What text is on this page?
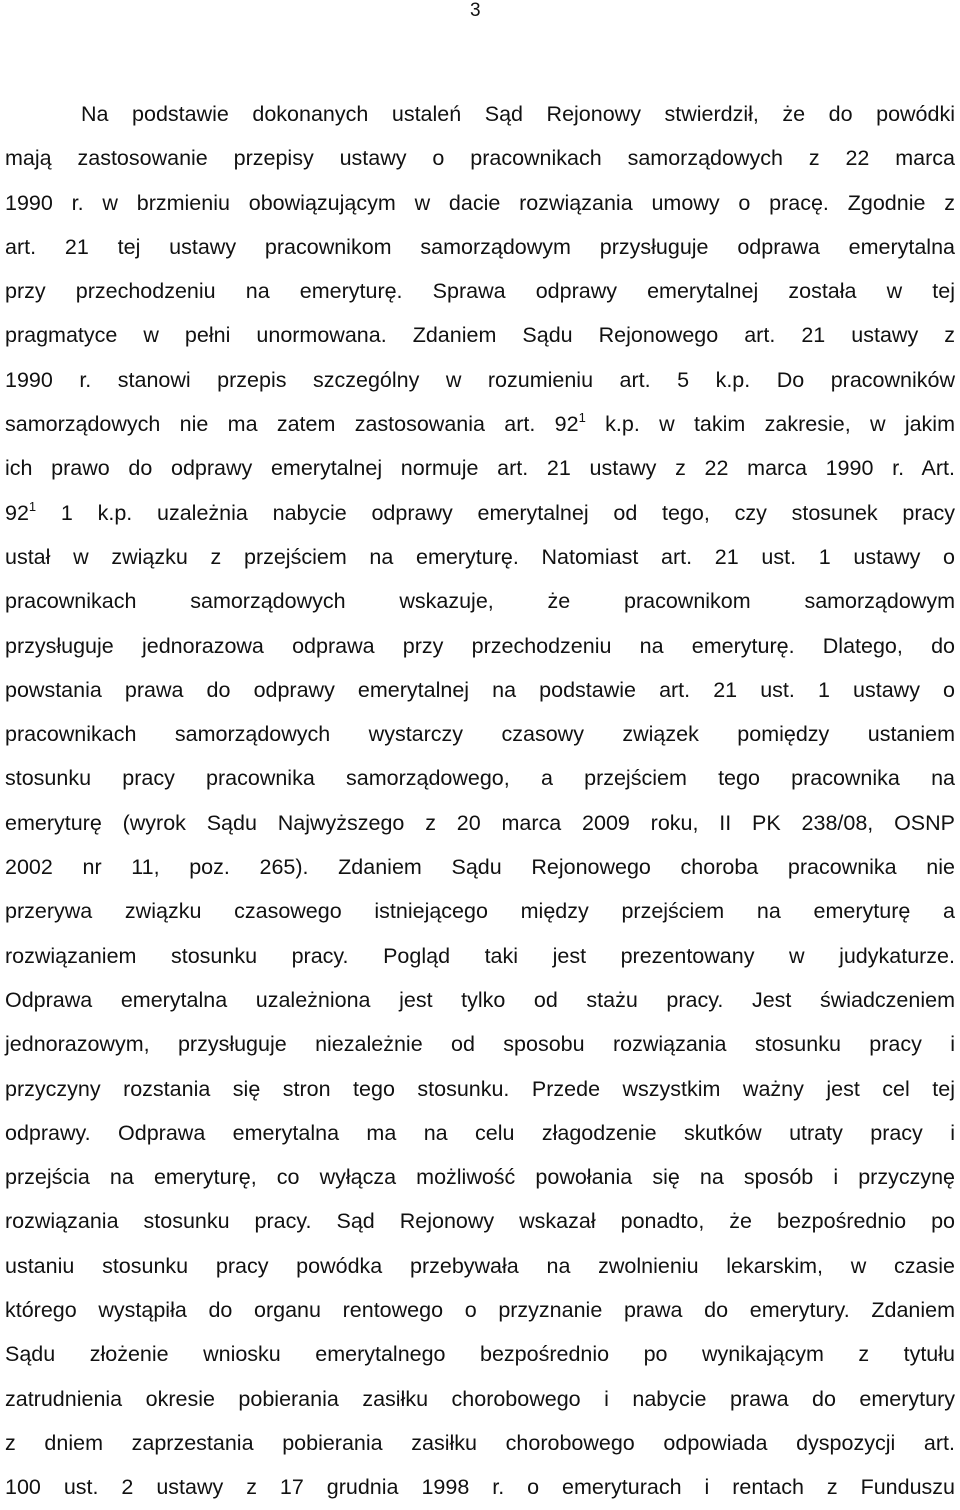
3
Na podstawie dokonanych ustaleń Sąd Rejonowy stwierdził, że do powódki
mają zastosowanie przepisy ustawy o pracownikach samorządowych z 22 marca
1990 r. w brzmieniu obowiązującym w dacie rozwiązania umowy o pracę. Zgodnie z
art. 21 tej ustawy pracownikom samorządowym przysługuje odprawa emerytalna
przy przechodzeniu na emeryturę. Sprawa odprawy emerytalnej została w tej
pragmatyce w pełni unormowana. Zdaniem Sądu Rejonowego art. 21 ustawy z
1990 r. stanowi przepis szczególny w rozumieniu art. 5 k.p. Do pracowników
samorządowych nie ma zatem zastosowania art. $92^1$ k.p. w takim zakresie, w jakim
ich prawo do odprawy emerytalnej normuje art. 21 ustawy z 22 marca 1990 r. Art.
$92^1$ 1 k.p. uzależnia nabycie odprawy emerytalnej od tego, czy stosunek pracy
ustał w związku z przejściem na emeryturę. Natomiast art. 21 ust. 1 ustawy o
pracownikach samorządowych wskazuje, że pracownikom samorządowym
przysługuje jednorazowa odprawa przy przechodzeniu na emeryturę. Dlatego, do
powstania prawa do odprawy emerytalnej na podstawie art. 21 ust. 1 ustawy o
pracownikach samorządowych wystarczy czasowy związek pomiędzy ustaniem
stosunku pracy pracownika samorządowego, a przejściem tego pracownika na
emeryturę (wyrok Sądu Najwyższego z 20 marca 2009 roku, II PK 238/08, OSNP
2002 nr 11, poz. 265). Zdaniem Sądu Rejonowego choroba pracownika nie
przerywa związku czasowego istniejącego między przejściem na emeryturę a
rozwiązaniem stosunku pracy. Pogląd taki jest prezentowany w judykaturze.
Odprawa emerytalna uzależniona jest tylko od stażu pracy. Jest świadczeniem
jednorazowym, przysługuje niezależnie od sposobu rozwiązania stosunku pracy i
przyczyny rozstania się stron tego stosunku. Przede wszystkim ważny jest cel tej
odprawy. Odprawa emerytalna ma na celu złagodzenie skutków utraty pracy i
przejścia na emeryturę, co wyłącza możliwość powołania się na sposób i przyczynę
rozwiązania stosunku pracy. Sąd Rejonowy wskazał ponadto, że bezpośrednio po
ustaniu stosunku pracy powódka przebywała na zwolnieniu lekarskim, w czasie
którego wystąpiła do organu rentowego o przyznanie prawa do emerytury. Zdaniem
Sądu złożenie wniosku emerytalnego bezpośrednio po wynikającym z tytułu
zatrudnienia okresie pobierania zasiłku chorobowego i nabycie prawa do emerytury
z dniem zaprzestania pobierania zasiłku chorobowego odpowiada dyspozycji art.
100 ust. 2 ustawy z 17 grudnia 1998 r. o emeryturach i rentach z Funduszu
